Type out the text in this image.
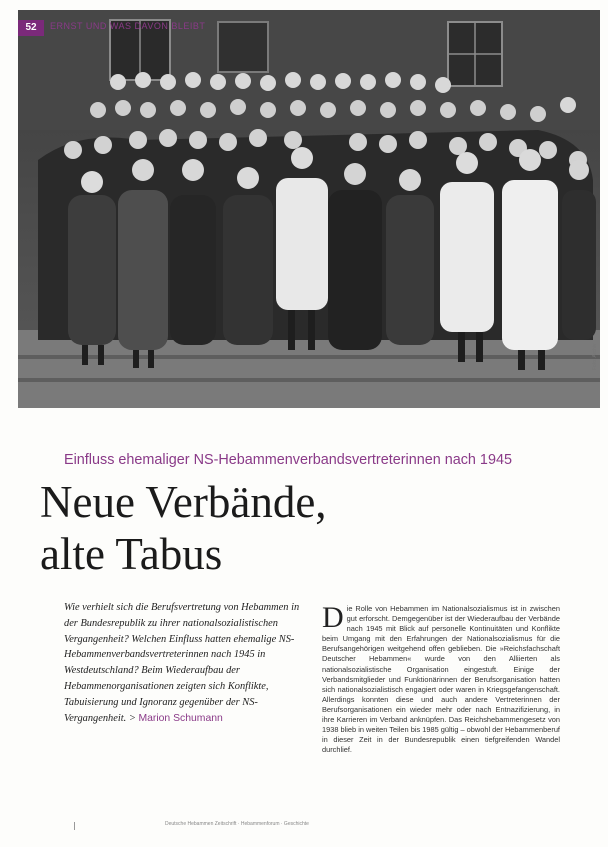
Foto: Archiv
52	ERNST UND WAS DAVON BLEIBT
Einfluss ehemaliger NS-Hebammenverbandsvertreterinnen nach 1945
Neue Verbände,
alte Tabus
Wie verhielt sich die Berufsvertretung von Hebammen in der Bundesrepublik zu ihrer nationalsozialistischen Vergangenheit? Welchen Einfluss hatten ehemalige NS-Hebammenverbandsvertreterinnen nach 1945 in Westdeutschland? Beim Wiederaufbau der Hebammenorganisationen zeigten sich Konflikte, Tabuisierung und Ignoranz gegenüber der NS-Vergangenheit. > Marion Schumann
D ie Rolle von Hebammen im Nationalsozialismus ist in zwischen gut erforscht. Demgegenüber ist der Wiederaufbau der Verbände nach 1945 mit Blick auf personelle Kontinuitäten und Konflikte beim Umgang mit den Erfahrungen der Nationalsozialismus für die Berufsangehörigen weitgehend offen geblieben. Die »Reichsfachschaft Deutscher Hebammen« wurde von den Alliierten als nationalsozialistische Organisation eingestuft. Einige der Verbandsmitglieder und Funktionärinnen der Berufsorganisation hatten sich nationalsozialistisch engagiert oder waren in Kriegsgefangenschaft. Allerdings konnten diese und auch andere Vertreterinnen der Berufsorganisationen ein wieder mehr oder nach Entnazifizierung, in ihre Karrieren im Verband anknüpfen. Das Reichshebammengesetz von 1938 blieb in weiten Teilen bis 1985 gültig – obwohl der Hebammenberuf in dieser Zeit in der Bundesrepublik einen tiefgreifenden Wandel durchlief.
Deutsche Hebammen Zeitschrift · Hebammenforum · Geschichte
